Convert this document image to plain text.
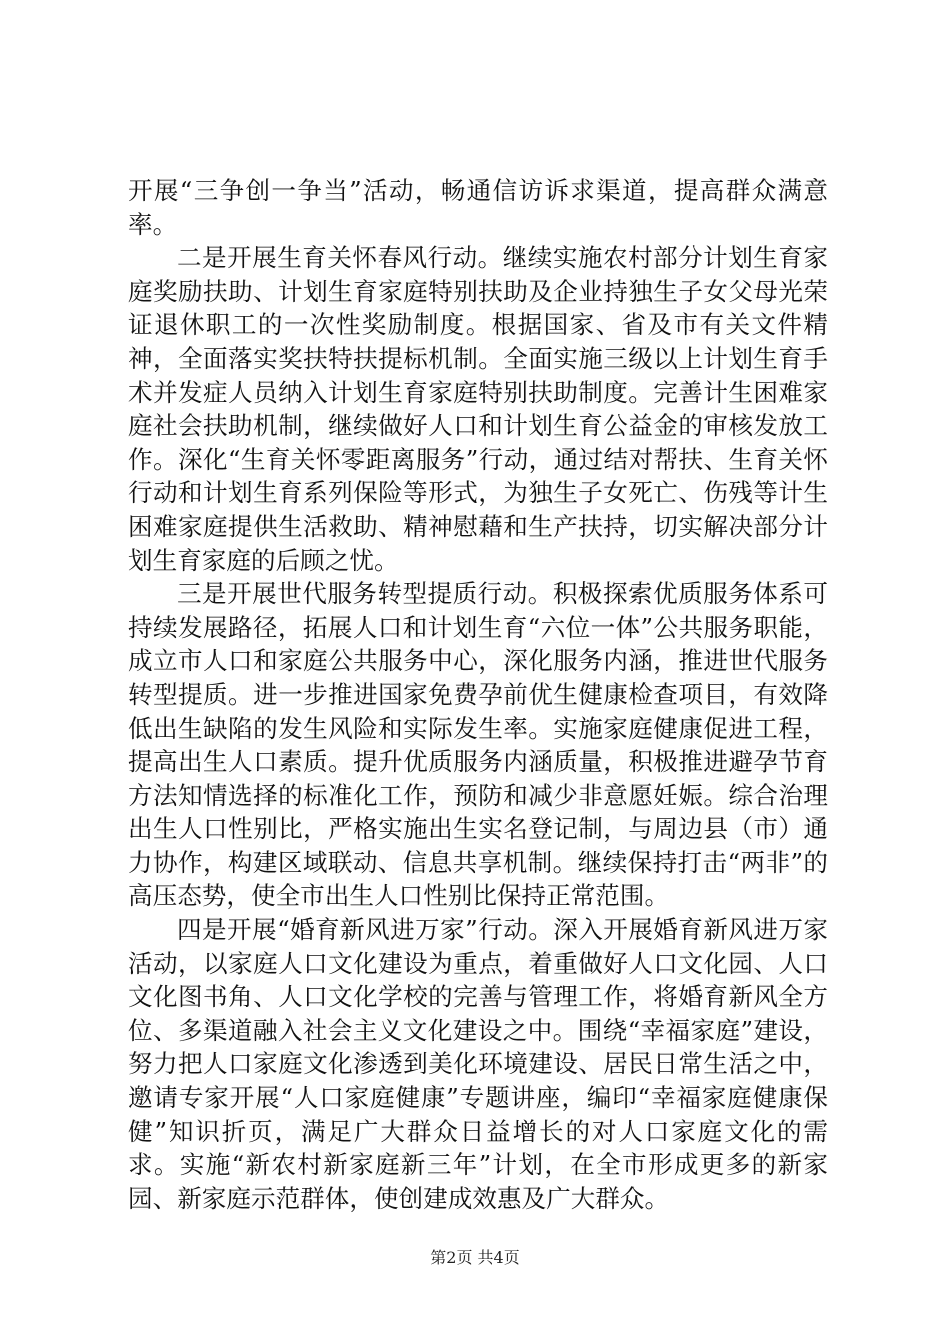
开展“三争创一争当”活动，畅通信访诉求渠道，提高群众满意率。

二是开展生育关怀春风行动。继续实施农村部分计划生育家庭奖励扶助、计划生育家庭特别扶助及企业持独生子女父母光荣证退休职工的一次性奖励制度。根据国家、省及市有关文件精神，全面落实奖扶特扶提标机制。全面实施三级以上计划生育手术并发症人员纳入计划生育家庭特别扶助制度。完善计生困难家庭社会扶助机制，继续做好人口和计划生育公益金的审核发放工作。深化“生育关怀零距离服务”行动，通过结对帮扶、生育关怀行动和计划生育系列保险等形式，为独生子女死亡、伤残等计生困难家庭提供生活救助、精神慰藉和生产扶持，切实解决部分计划生育家庭的后顾之忧。

三是开展世代服务转型提质行动。积极探索优质服务体系可持续发展路径，拓展人口和计划生育“六位一体”公共服务职能，成立市人口和家庭公共服务中心，深化服务内涵，推进世代服务转型提质。进一步推进国家免费孕前优生健康检查项目，有效降低出生缺陷的发生风险和实际发生率。实施家庭健康促进工程，提高出生人口素质。提升优质服务内涵质量，积极推进避孕节育方法知情选择的标准化工作，预防和减少非意愿妊娠。综合治理出生人口性别比，严格实施出生实名登记制，与周边县（市）通力协作，构建区域联动、信息共享机制。继续保持打击“两非”的高压态势，使全市出生人口性别比保持正常范围。

四是开展“婚育新风进万家”行动。深入开展婚育新风进万家活动，以家庭人口文化建设为重点，着重做好人口文化园、人口文化图书角、人口文化学校的完善与管理工作，将婚育新风全方位、多渠道融入社会主义文化建设之中。围绕“幸福家庭”建设，努力把人口家庭文化渗透到美化环境建设、居民日常生活之中，邀请专家开展“人口家庭健康”专题讲座，编印“幸福家庭健康保健”知识折页，满足广大群众日益增长的对人口家庭文化的需求。实施“新农村新家庭新三年”计划，在全市形成更多的新家园、新家庭示范群体，使创建成效惠及广大群众。

第2页 共4页
